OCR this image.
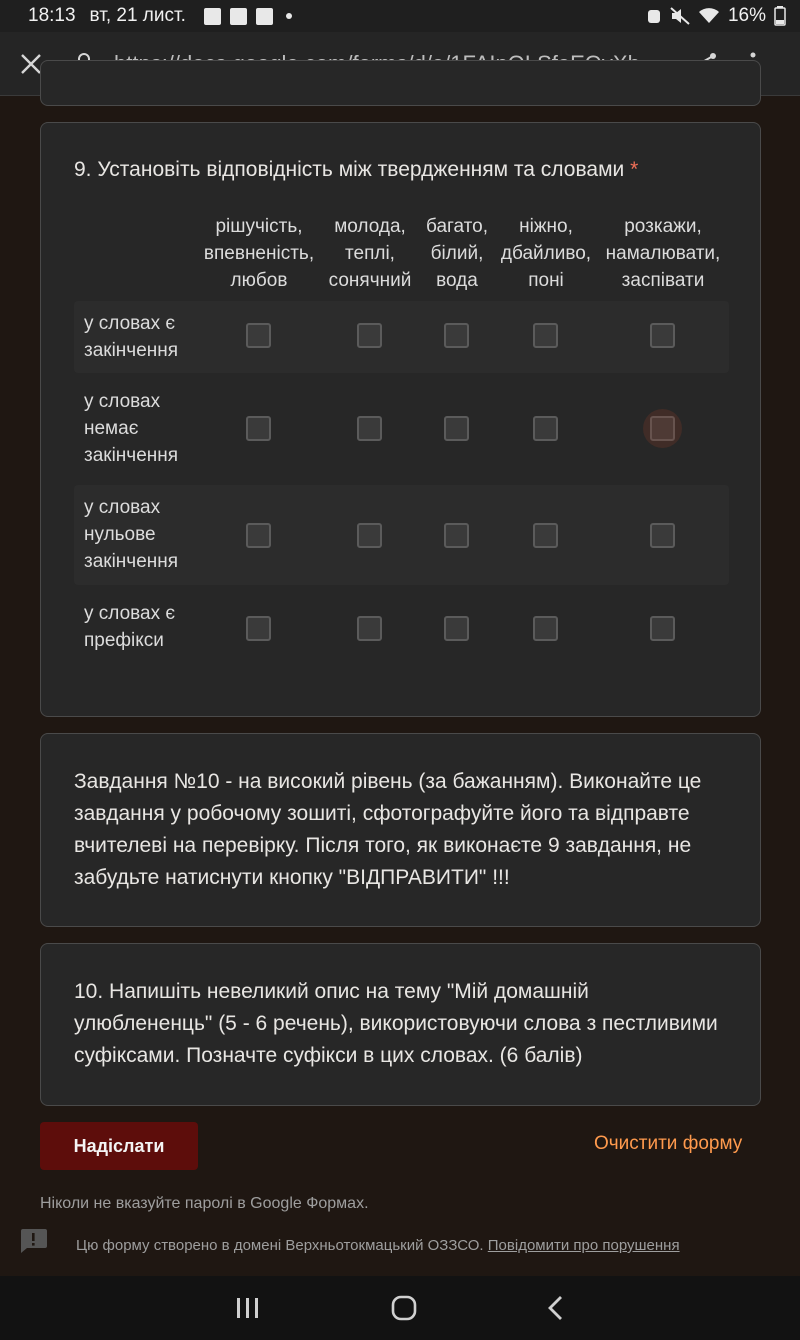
18:13 вт, 21 лист.	16%
9. Установіть відповідність між твердженням та словами *
рішучість,
впевненість,
любов
молода,
теплі,
сонячний
багато,
білий,
вода
ніжно,
дбайливо,
поні
розкажи,
намалювати,
заспівати
у словах є
закінчення
у словах
немає
закінчення
у словах
нульове
закінчення
у словах є
префікси
Завдання №10 - на високий рівень (за бажанням). Виконайте це завдання у робочому зошиті, сфотографуйте його та відправте вчителеві на перевірку. Після того, як виконаєте 9 завдання, не забудьте натиснути кнопку "ВІДПРАВИТИ" !!!
10. Напишіть невеликий опис на тему "Мій домашній улюблененць" (5 - 6 речень), використовуючи слова з пестливими суфіксами. Позначте суфікси в цих словах. (6 балів)
Надіслати	Очистити форму
Ніколи не вказуйте паролі в Google Формах.
Цю форму створено в домені Верхньотокмацький ОЗЗСО. Повідомити про порушення
